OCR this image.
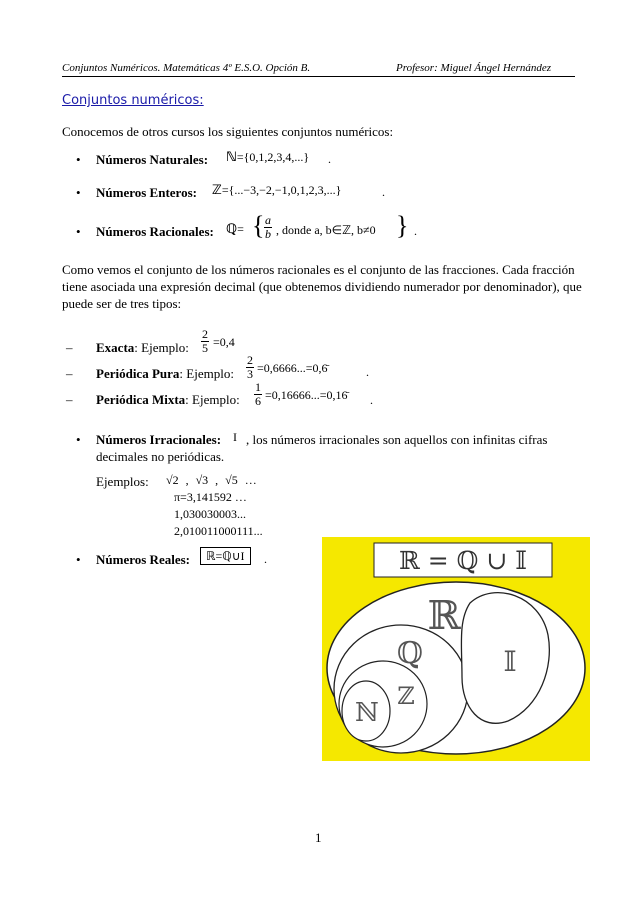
Conjuntos Numéricos. Matemáticas 4º E.S.O. Opción B.	Profesor: Miguel Ángel Hernández
Conjuntos numéricos:
Conocemos de otros cursos los siguientes conjuntos numéricos:
• Números Naturales: ℕ={0,1,2,3,4,...} .
• Números Enteros: ℤ={...−3,−2,−1,0,1,2,3,...}	.
• Números Racionales: ℚ= { $\frac{a}{b}$ , donde a, b∈ℤ, b≠0 } .
Como vemos el conjunto de los números racionales es el conjunto de las fracciones. Cada fracción
tiene asociada una expresión decimal (que obtenemos dividiendo numerador por denominador), que
puede ser de tres tipos:
– Exacta: Ejemplo: $\frac{2}{5} =0,4$
– Periódica Pura: Ejemplo: $\frac{2}{3}$ =0,6666...=0,6̄	.
– Periódica Mixta: Ejemplo: $\frac{1}{6}$ =0,16666...=0,16̄ .
• Números Irracionales: I , los números irracionales son aquellos con infinitas cifras
decimales no periódicas.
Ejemplos: √2 , √3 , √5 …
π=3,141592 …
1,030030003...
2,010011000111...
• Números Reales:	ℝ=ℚ∪I	.	ℝ = ℚ ∪ 𝕀
ℝ
ℚ	𝕀
ℕ
ℤ
1
